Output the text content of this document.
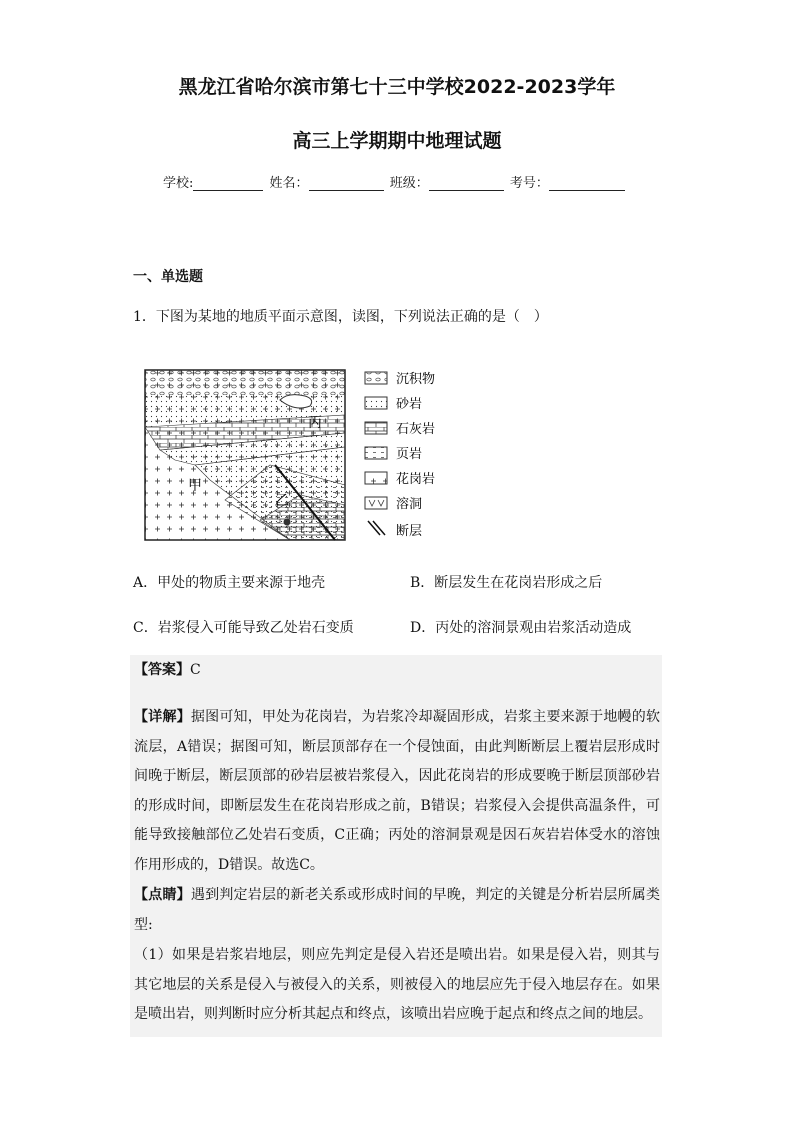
黑龙江省哈尔滨市第七十三中学校2022-2023学年
高三上学期期中地理试题
学校:	姓名：	班级：	考号：
一、单选题
1．下图为某地的地质平面示意图，读图，下列说法正确的是（　）
甲
乙
丙
沉积物
砂岩
石灰岩
页岩
花岗岩
溶洞
断层
A．甲处的物质主要来源于地壳	B．断层发生在花岗岩形成之后
C．岩浆侵入可能导致乙处岩石变质	D．丙处的溶洞景观由岩浆活动造成

【答案】C

【详解】据图可知，甲处为花岗岩，为岩浆冷却凝固形成，岩浆主要来源于地幔的软流层，A错误；据图可知，断层顶部存在一个侵蚀面，由此判断断层上覆岩层形成时间晚于断层，断层顶部的砂岩层被岩浆侵入，因此花岗岩的形成要晚于断层顶部砂岩的形成时间，即断层发生在花岗岩形成之前，B错误；岩浆侵入会提供高温条件，可能导致接触部位乙处岩石变质，C正确；丙处的溶洞景观是因石灰岩岩体受水的溶蚀作用形成的，D错误。故选C。

【点睛】遇到判定岩层的新老关系或形成时间的早晚，判定的关键是分析岩层所属类型:

（1）如果是岩浆岩地层，则应先判定是侵入岩还是喷出岩。如果是侵入岩，则其与其它地层的关系是侵入与被侵入的关系，则被侵入的地层应先于侵入地层存在。如果是喷出岩，则判断时应分析其起点和终点，该喷出岩应晚于起点和终点之间的地层。
